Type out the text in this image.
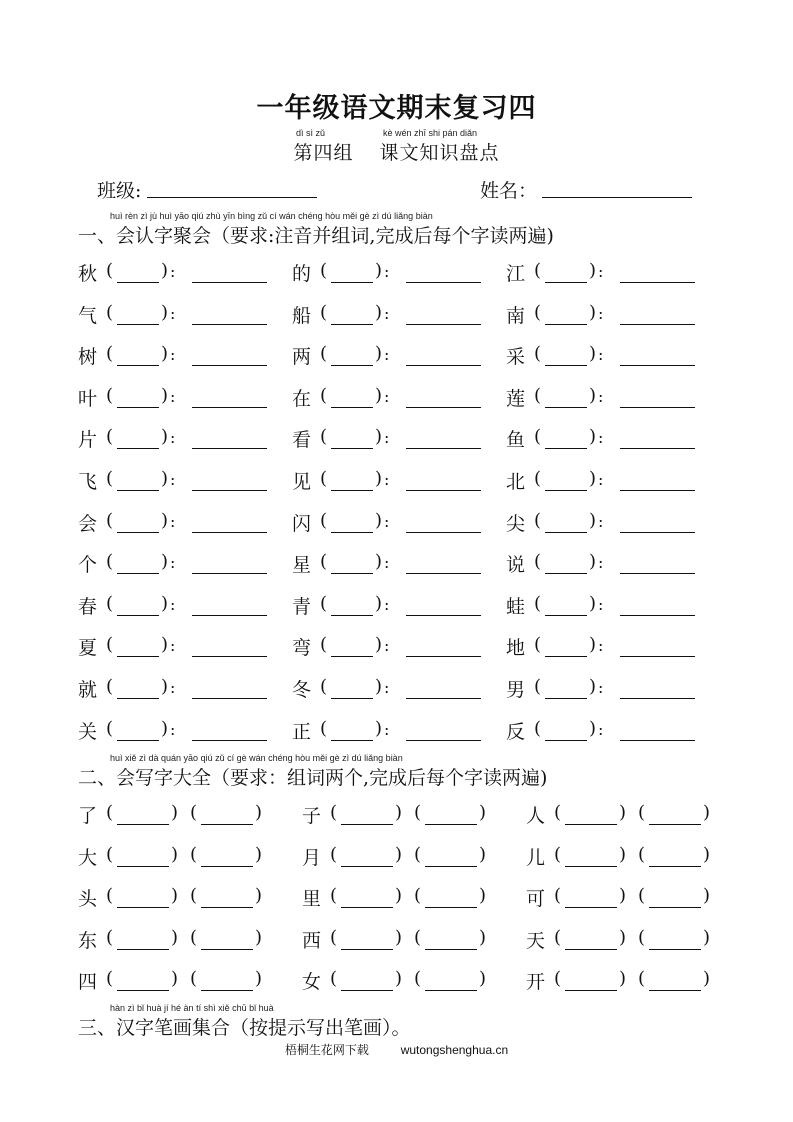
一年级语文期末复习四
dì sì zǔ	kè wén zhī shi pán diǎn
第四组 课文知识盘点
班级:	姓名：
huì rèn zì jù huì yāo qiú zhù yīn bìng zǔ cí wán chéng hòu měi gè zì dú liǎng biàn
一、会认字聚会（要求:注音并组词,完成后每个字读两遍)
秋 (	) :	的 (	) :	江 (	) :
气 (	) :	船 (	) :	南 (	) :
树 (	) :	两 (	) :	采 (	) :
叶 (	) :	在 (	) :	莲 (	) :
片 (	) :	看 (	) :	鱼 (	) :
飞 (	) :	见 (	) :	北 (	) :
会 (	) :	闪 (	) :	尖 (	) :
个 (	) :	星 (	) :	说 (	) :
春 (	) :	青 (	) :	蛙 (	) :
夏 (	) :	弯 (	) :	地 (	) :
就 (	) :	冬 (	) :	男 (	) :
关 (	) :	正 (	) :	反 (	) :
huì xiě zì dà quán yāo qiú zǔ cí gè wán chéng hòu měi gè zì dú liǎng biàn
二、会写字大全（要求：组词两个,完成后每个字读两遍)
了 (	) (	) 子 (	) (	) 人 (	) (	)
大 (	) (	) 月 (	) (	) 儿 (	) (	)
头 (	) (	) 里 (	) (	) 可 (	) (	)
东 (	) (	) 西 (	) (	) 天 (	) (	)
四 (	) (	) 女 (	) (	) 开 (	) (	)
hàn zì bǐ huà jí hé àn tí shì xiě chū bǐ huà
三、汉字笔画集合（按提示写出笔画）。
梧桐生花网下载	wutongshenghua.cn
